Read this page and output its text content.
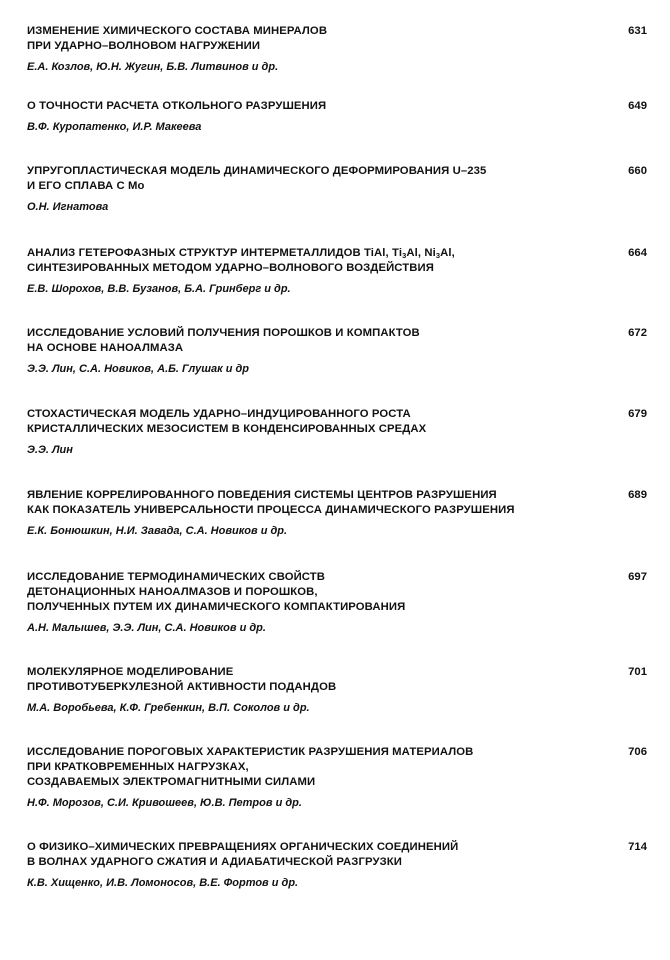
ИЗМЕНЕНИЕ ХИМИЧЕСКОГО СОСТАВА МИНЕРАЛОВ
ПРИ УДАРНО–ВОЛНОВОМ НАГРУЖЕНИИ
Е.А. Козлов, Ю.Н. Жугин, Б.В. Литвинов и др.
631
О ТОЧНОСТИ РАСЧЕТА ОТКОЛЬНОГО РАЗРУШЕНИЯ
В.Ф. Куропатенко, И.Р. Макеева
649
УПРУГОПЛАСТИЧЕСКАЯ МОДЕЛЬ ДИНАМИЧЕСКОГО ДЕФОРМИРОВАНИЯ U–235
И ЕГО СПЛАВА С Mo
О.Н. Игнатова
660
АНАЛИЗ ГЕТЕРОФАЗНЫХ СТРУКТУР ИНТЕРМЕТАЛЛИДОВ TiAl, $Ti_3Al$, $Ni_3Al$,
СИНТЕЗИРОВАННЫХ МЕТОДОМ УДАРНО–ВОЛНОВОГО ВОЗДЕЙСТВИЯ
Е.В. Шорохов, В.В. Бузанов, Б.А. Гринберг и др.
664
ИССЛЕДОВАНИЕ УСЛОВИЙ ПОЛУЧЕНИЯ ПОРОШКОВ И КОМПАКТОВ
НА ОСНОВЕ НАНОАЛМАЗА
Э.Э. Лин, С.А. Новиков, А.Б. Глушак и др
672
СТОХАСТИЧЕСКАЯ МОДЕЛЬ УДАРНО–ИНДУЦИРОВАННОГО РОСТА
КРИСТАЛЛИЧЕСКИХ МЕЗОСИСТЕМ В КОНДЕНСИРОВАННЫХ СРЕДАХ
Э.Э. Лин
679
ЯВЛЕНИЕ КОРРЕЛИРОВАННОГО ПОВЕДЕНИЯ СИСТЕМЫ ЦЕНТРОВ РАЗРУШЕНИЯ
КАК ПОКАЗАТЕЛЬ УНИВЕРСАЛЬНОСТИ ПРОЦЕССА ДИНАМИЧЕСКОГО РАЗРУШЕНИЯ
Е.К. Бонюшкин, Н.И. Завада, С.А. Новиков и др.
689
ИССЛЕДОВАНИЕ ТЕРМОДИНАМИЧЕСКИХ СВОЙСТВ
ДЕТОНАЦИОННЫХ НАНОАЛМАЗОВ И ПОРОШКОВ,
ПОЛУЧЕННЫХ ПУТЕМ ИХ ДИНАМИЧЕСКОГО КОМПАКТИРОВАНИЯ
А.Н. Малышев, Э.Э. Лин, С.А. Новиков и др.
697
МОЛЕКУЛЯРНОЕ МОДЕЛИРОВАНИЕ
ПРОТИВОТУБЕРКУЛЕЗНОЙ АКТИВНОСТИ ПОДАНДОВ
М.А. Воробьева, К.Ф. Гребенкин, В.П. Соколов и др.
701
ИССЛЕДОВАНИЕ ПОРОГОВЫХ ХАРАКТЕРИСТИК РАЗРУШЕНИЯ МАТЕРИАЛОВ
ПРИ КРАТКОВРЕМЕННЫХ НАГРУЗКАХ,
СОЗДАВАЕМЫХ ЭЛЕКТРОМАГНИТНЫМИ СИЛАМИ
Н.Ф. Морозов, С.И. Кривошеев, Ю.В. Петров и др.
706
О ФИЗИКО–ХИМИЧЕСКИХ ПРЕВРАЩЕНИЯХ ОРГАНИЧЕСКИХ СОЕДИНЕНИЙ
В ВОЛНАХ УДАРНОГО СЖАТИЯ И АДИАБАТИЧЕСКОЙ РАЗГРУЗКИ
К.В. Хищенко, И.В. Ломоносов, В.Е. Фортов и др.
714
